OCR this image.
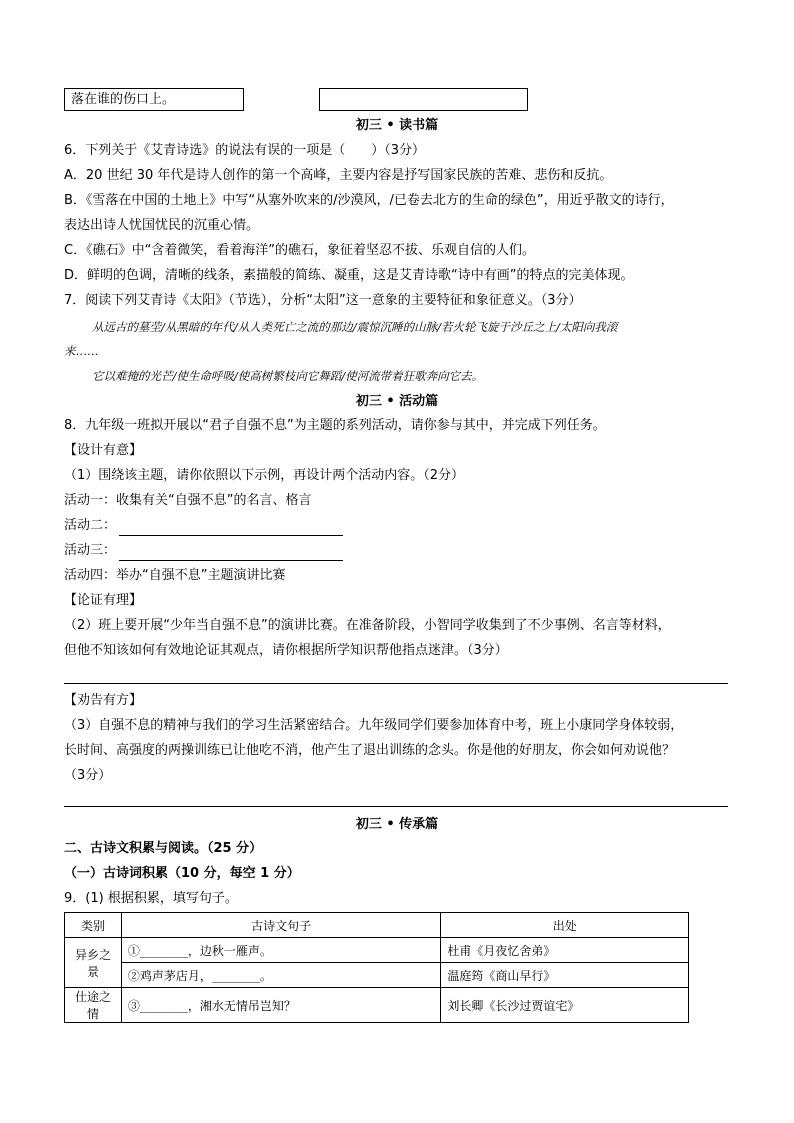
落在谁的伤口上。
初三 • 读书篇
6．下列关于《艾青诗选》的说法有误的一项是（　　）（3分）
A．20 世纪 30 年代是诗人创作的第一个高峰，主要内容是抒写国家民族的苦难、悲伤和反抗。
B．《雪落在中国的土地上》中写“从塞外吹来的/沙漠风，/已卷去北方的生命的绿色”，用近乎散文的诗行，
表达出诗人忧国忧民的沉重心情。
C．《礁石》中“含着微笑，看着海洋”的礁石，象征着坚忍不拔、乐观自信的人们。
D．鲜明的色调，清晰的线条，素描般的简练、凝重，这是艾青诗歌“诗中有画”的特点的完美体现。
7．阅读下列艾青诗《太阳》（节选），分析“太阳”这一意象的主要特征和象征意义。（3分）
从远古的墓茔/从黑暗的年代/从人类死亡之流的那边/震惊沉睡的山脉/若火轮飞旋于沙丘之上/太阳向我滚
来……
它以难掩的光芒/使生命呼吸/使高树繁枝向它舞蹈/使河流带着狂歌奔向它去。
初三 • 活动篇
8．九年级一班拟开展以“君子自强不息”为主题的系列活动，请你参与其中，并完成下列任务。
【设计有意】
（1）围绕该主题，请你依照以下示例，再设计两个活动内容。（2分）
活动一：收集有关“自强不息”的名言、格言
活动二：
活动三：
活动四：举办“自强不息”主题演讲比赛
【论证有理】
（2）班上要开展“少年当自强不息”的演讲比赛。在准备阶段，小智同学收集到了不少事例、名言等材料，
但他不知该如何有效地论证其观点，请你根据所学知识帮他指点迷津。（3分）
【劝告有方】
（3）自强不息的精神与我们的学习生活紧密结合。九年级同学们要参加体育中考，班上小康同学身体较弱，
长时间、高强度的两操训练已让他吃不消，他产生了退出训练的念头。你是他的好朋友，你会如何劝说他？
（3分）
初三 • 传承篇
二、古诗文积累与阅读。（25 分）
（一）古诗词积累（10 分，每空 1 分）
9．(1) 根据积累，填写句子。
类别	古诗文句子	出处
异乡之景	①________，边秋一雁声。	杜甫《月夜忆舍弟》
	②鸡声茅店月，________。	温庭筠《商山早行》
仕途之情	③________，湘水无情吊岂知？	刘长卿《长沙过贾谊宅》
